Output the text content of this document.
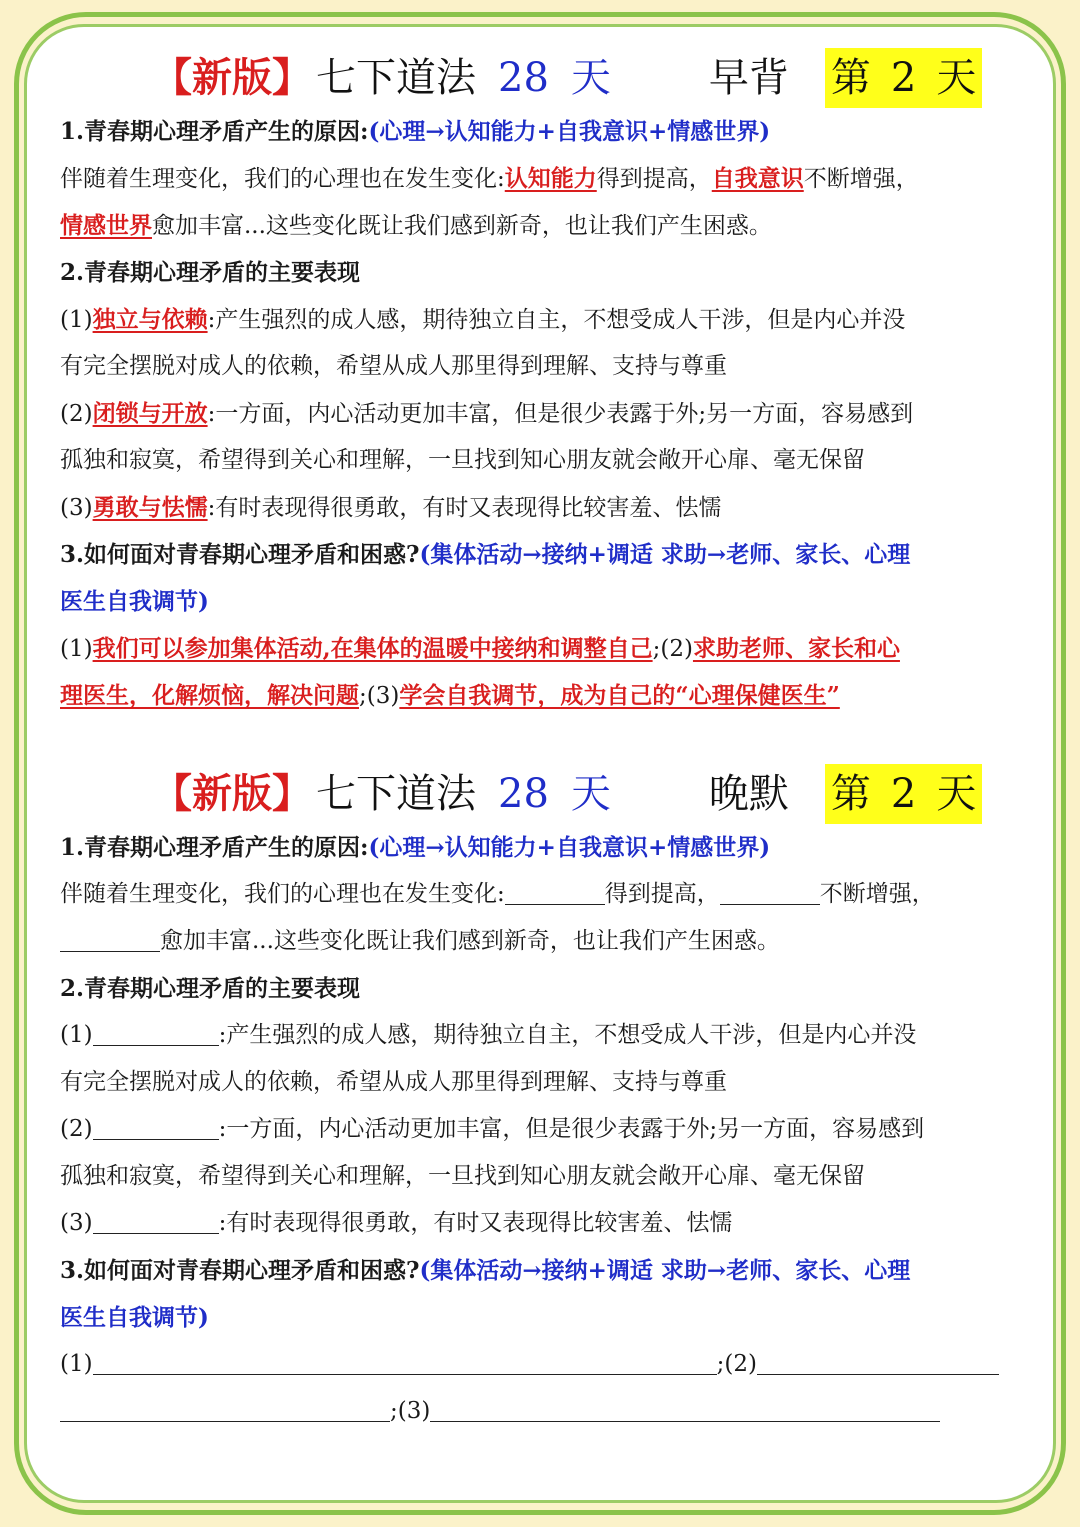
【新版】 七下道法 28 天 早背 第 2 天
1.青春期心理矛盾产生的原因:(心理→认知能力+自我意识+情感世界)
伴随着生理变化，我们的心理也在发生变化:认知能力得到提高，自我意识不断增强，
情感世界愈加丰富...这些变化既让我们感到新奇，也让我们产生困惑。
2.青春期心理矛盾的主要表现
(1)独立与依赖:产生强烈的成人感，期待独立自主，不想受成人干涉，但是内心并没
有完全摆脱对成人的依赖，希望从成人那里得到理解、支持与尊重
(2)闭锁与开放:一方面，内心活动更加丰富，但是很少表露于外;另一方面，容易感到
孤独和寂寞，希望得到关心和理解，一旦找到知心朋友就会敞开心扉、毫无保留
(3)勇敢与怯懦:有时表现得很勇敢，有时又表现得比较害羞、怯懦
3.如何面对青春期心理矛盾和困惑?(集体活动→接纳+调适 求助→老师、家长、心理
医生自我调节)
(1)我们可以参加集体活动,在集体的温暖中接纳和调整自己;(2)求助老师、家长和心
理医生，化解烦恼，解决问题;(3)学会自我调节，成为自己的“心理保健医生”
【新版】 七下道法 28 天 晚默 第 2 天
1.青春期心理矛盾产生的原因:(心理→认知能力+自我意识+情感世界)
伴随着生理变化，我们的心理也在发生变化:	得到提高，	不断增强，
愈加丰富...这些变化既让我们感到新奇，也让我们产生困惑。
2.青春期心理矛盾的主要表现
(1)	:产生强烈的成人感，期待独立自主，不想受成人干涉，但是内心并没
有完全摆脱对成人的依赖，希望从成人那里得到理解、支持与尊重
(2)	:一方面，内心活动更加丰富，但是很少表露于外;另一方面，容易感到
孤独和寂寞，希望得到关心和理解，一旦找到知心朋友就会敞开心扉、毫无保留
(3)	:有时表现得很勇敢，有时又表现得比较害羞、怯懦
3.如何面对青春期心理矛盾和困惑?(集体活动→接纳+调适 求助→老师、家长、心理
医生自我调节)
(1)	;(2)
;(3)
